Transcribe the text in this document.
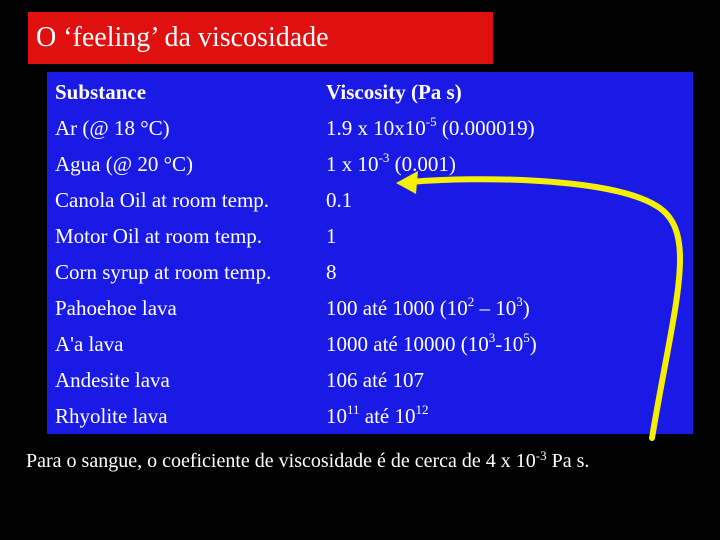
O ‘feeling’ da viscosidade
Substance	Viscosity (Pa s)
Ar (@ 18 °C)	1.9 x $10x10^{-5}$ (0.000019)
Agua (@ 20 °C)	1 x $10^{-3}$ (0.001)
Canola Oil at room temp.	0.1
Motor Oil at room temp.	1
Corn syrup at room temp.	8
Pahoehoe lava	100 até 1000 $(10^2 - 10^3)$
A'a lava	1000 até 10000 $(10^3-10^5)$
Andesite lava	106 até 107
Rhyolite lava	$10^{11}$ até $10^{12}$
Para o sangue, o coeficiente de viscosidade é de cerca de 4 x $10^{-3}$ Pa s.
